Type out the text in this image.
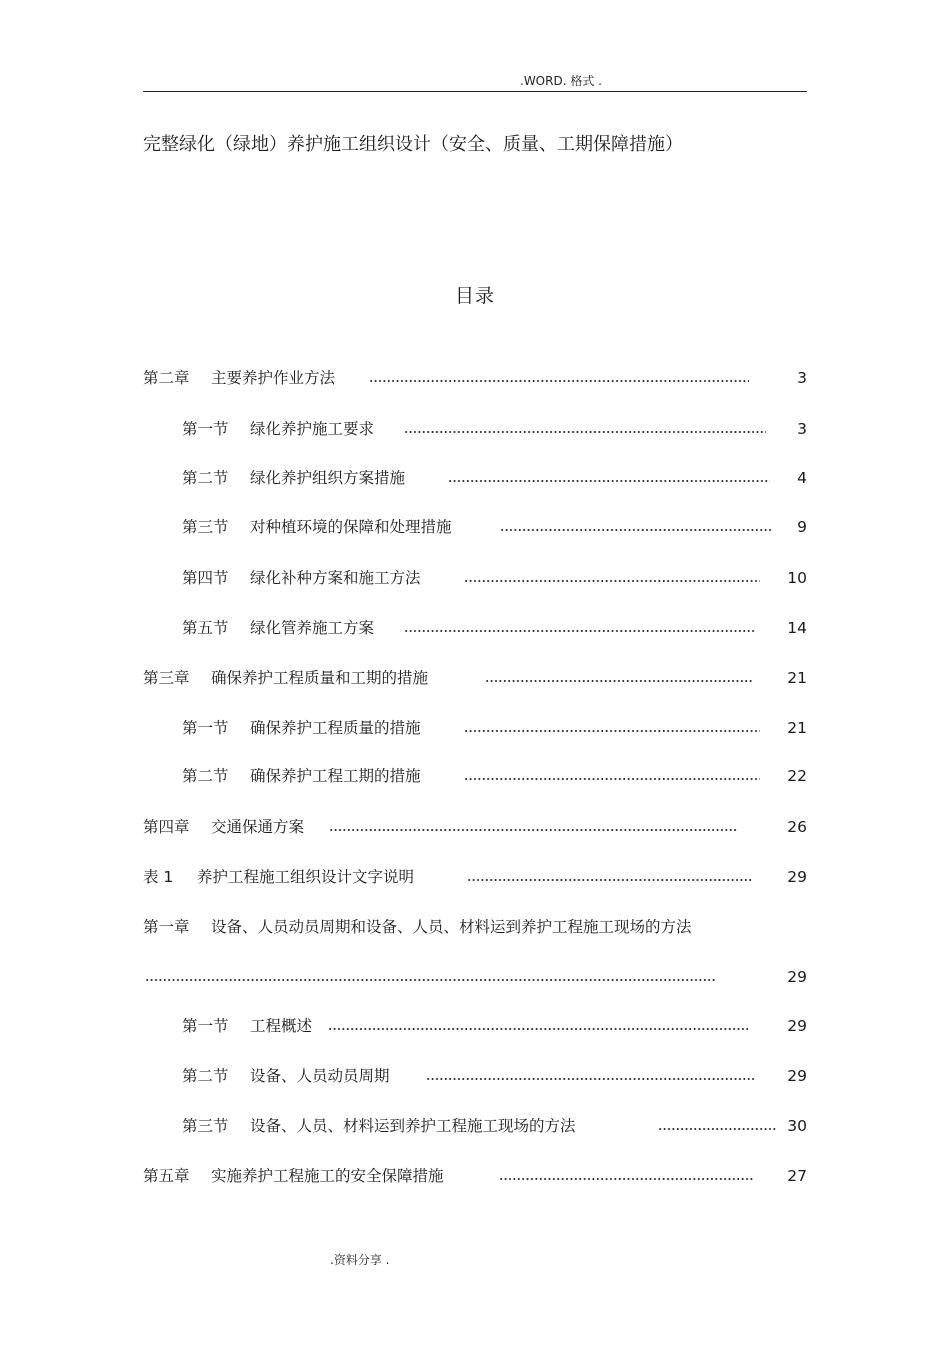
.WORD. 格式 .
完整绿化（绿地）养护施工组织设计（安全、质量、工期保障措施）
目录
第二章 主要养护作业方法	3
第一节 绿化养护施工要求	3
第二节 绿化养护组织方案措施	4
第三节 对种植环境的保障和处理措施	9
第四节 绿化补种方案和施工方法	10
第五节 绿化管养施工方案	14
第三章 确保养护工程质量和工期的措施	21
第一节 确保养护工程质量的措施	21
第二节 确保养护工程工期的措施	22
第四章 交通保通方案	26
表 1 养护工程施工组织设计文字说明	29
第一章 设备、人员动员周期和设备、人员、材料运到养护工程施工现场的方法
29
第一节 工程概述	29
第二节 设备、人员动员周期	29
第三节 设备、人员、材料运到养护工程施工现场的方法	30
第五章 实施养护工程施工的安全保障措施	27
.资料分享 .
